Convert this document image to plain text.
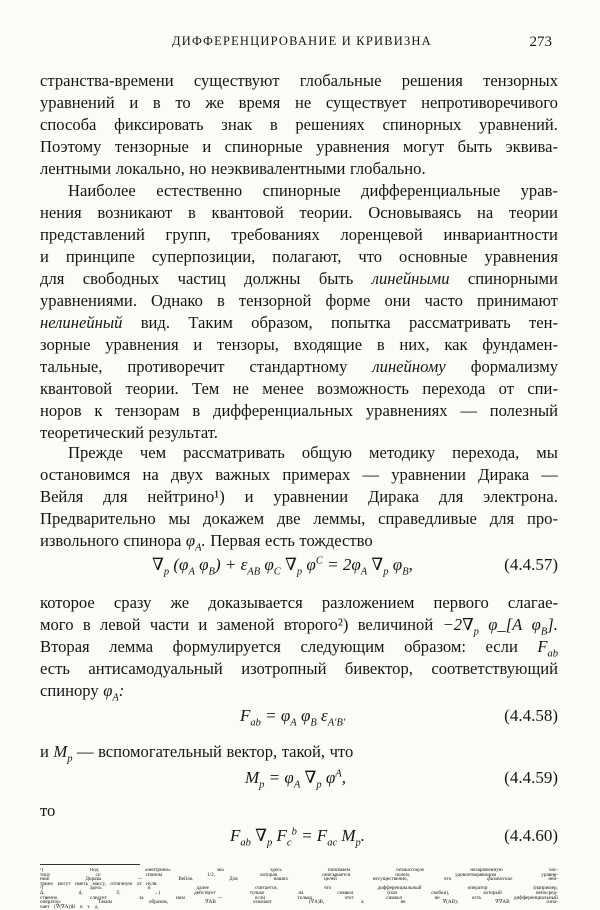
ДИФФЕРЕНЦИРОВАНИЕ И КРИВИЗНА	273
странства-времени существуют глобальные решения тензорных
уравнений и в то же время не существует непротиворечивого
способа фиксировать знак в решениях спинорных уравнений.
Поэтому тензорные и спинорные уравнения могут быть эквива-
лентными локально, но неэквивалентными глобально.
Наиболее естественно спинорные дифференциальные урав-
нения возникают в квантовой теории. Основываясь на теории
представлений групп, требованиях лоренцевой инвариантности
и принципе суперпозиции, полагают, что основные уравнения
для свободных частиц должны быть линейными спинорными
уравнениями. Однако в тензорной форме они часто принимают
нелинейный вид. Таким образом, попытка рассматривать тен-
зорные уравнения и тензоры, входящие в них, как фундамен-
тальные, противоречит стандартному линейному формализму
квантовой теории. Тем не менее возможность перехода от спи-
норов к тензорам в дифференциальных уравнениях — полезный
теоретический результат.
Прежде чем рассматривать общую методику перехода, мы
остановимся на двух важных примерах — уравнении Дирака —
Вейля для нейтрино¹) и уравнении Дирака для электрона.
Предварительно мы докажем две леммы, справедливые для про-
извольного спинора $\varphi_A$. Первая есть тождество
$\nabla_p$ ($\varphi_A$ $\varphi_B) + \varepsilon_{AB}$ $\varphi_C$ $\nabla_p$ $\varphi^C = 2\varphi_A$ $\nabla_p$ $\varphi_B$,	(4.4.57)
которое сразу же доказывается разложением первого слагае-
мого в левой части и заменой второго²) величиной $-2\nabla_p$ φ_[A $\varphi_B$].
Вторая лемма формулируется следующим образом: если $F_{ab}$
есть антисамодуальный изотропный бивектор, соответствующий
спинору $\varphi_A$:
$F_{ab} = \varphi_A$ $\varphi_B$ $\varepsilon_{A'B'}$	(4.4.58)
и $M_p$ — вспомогательный вектор, такой, что
$M_p = \varphi_A$ $\nabla_p$ $\varphi^A$,	(4.4.59)
то
$F_{ab}$ $\nabla_p$ $F_c^b = F_{ac}$ $M_p$.	(4.4.60)
¹)	Под	«нейтрино»	мы	здесь	понимаем	безмассовую	незаряженную	час-
тицу	со	спином	1/2,	которая	описывается	полем,	удовлетворяющим	уравне-
нию	Дирака	—	Вейля.	Для	наших	целей	несущественно,	что	физические	ней-
трино могут иметь массу, отличную от нуля.
²)	Здесь	и	далее	считается,	что	дифференциальный	оператор	(например,
Δ,	d,	∂,	...)	действует	только	на	символ	(или	скобки),	который	непосред-
ственно	следует	за	ним	—	если	только	этот	символ	не	есть	дифференциальный
оператор.	Таким	образом,	∇AB	означает	(∇A)B,	а	не	∇(AB);	∇∇AB	озна-
чает (∇(∇A))B и т. д.
